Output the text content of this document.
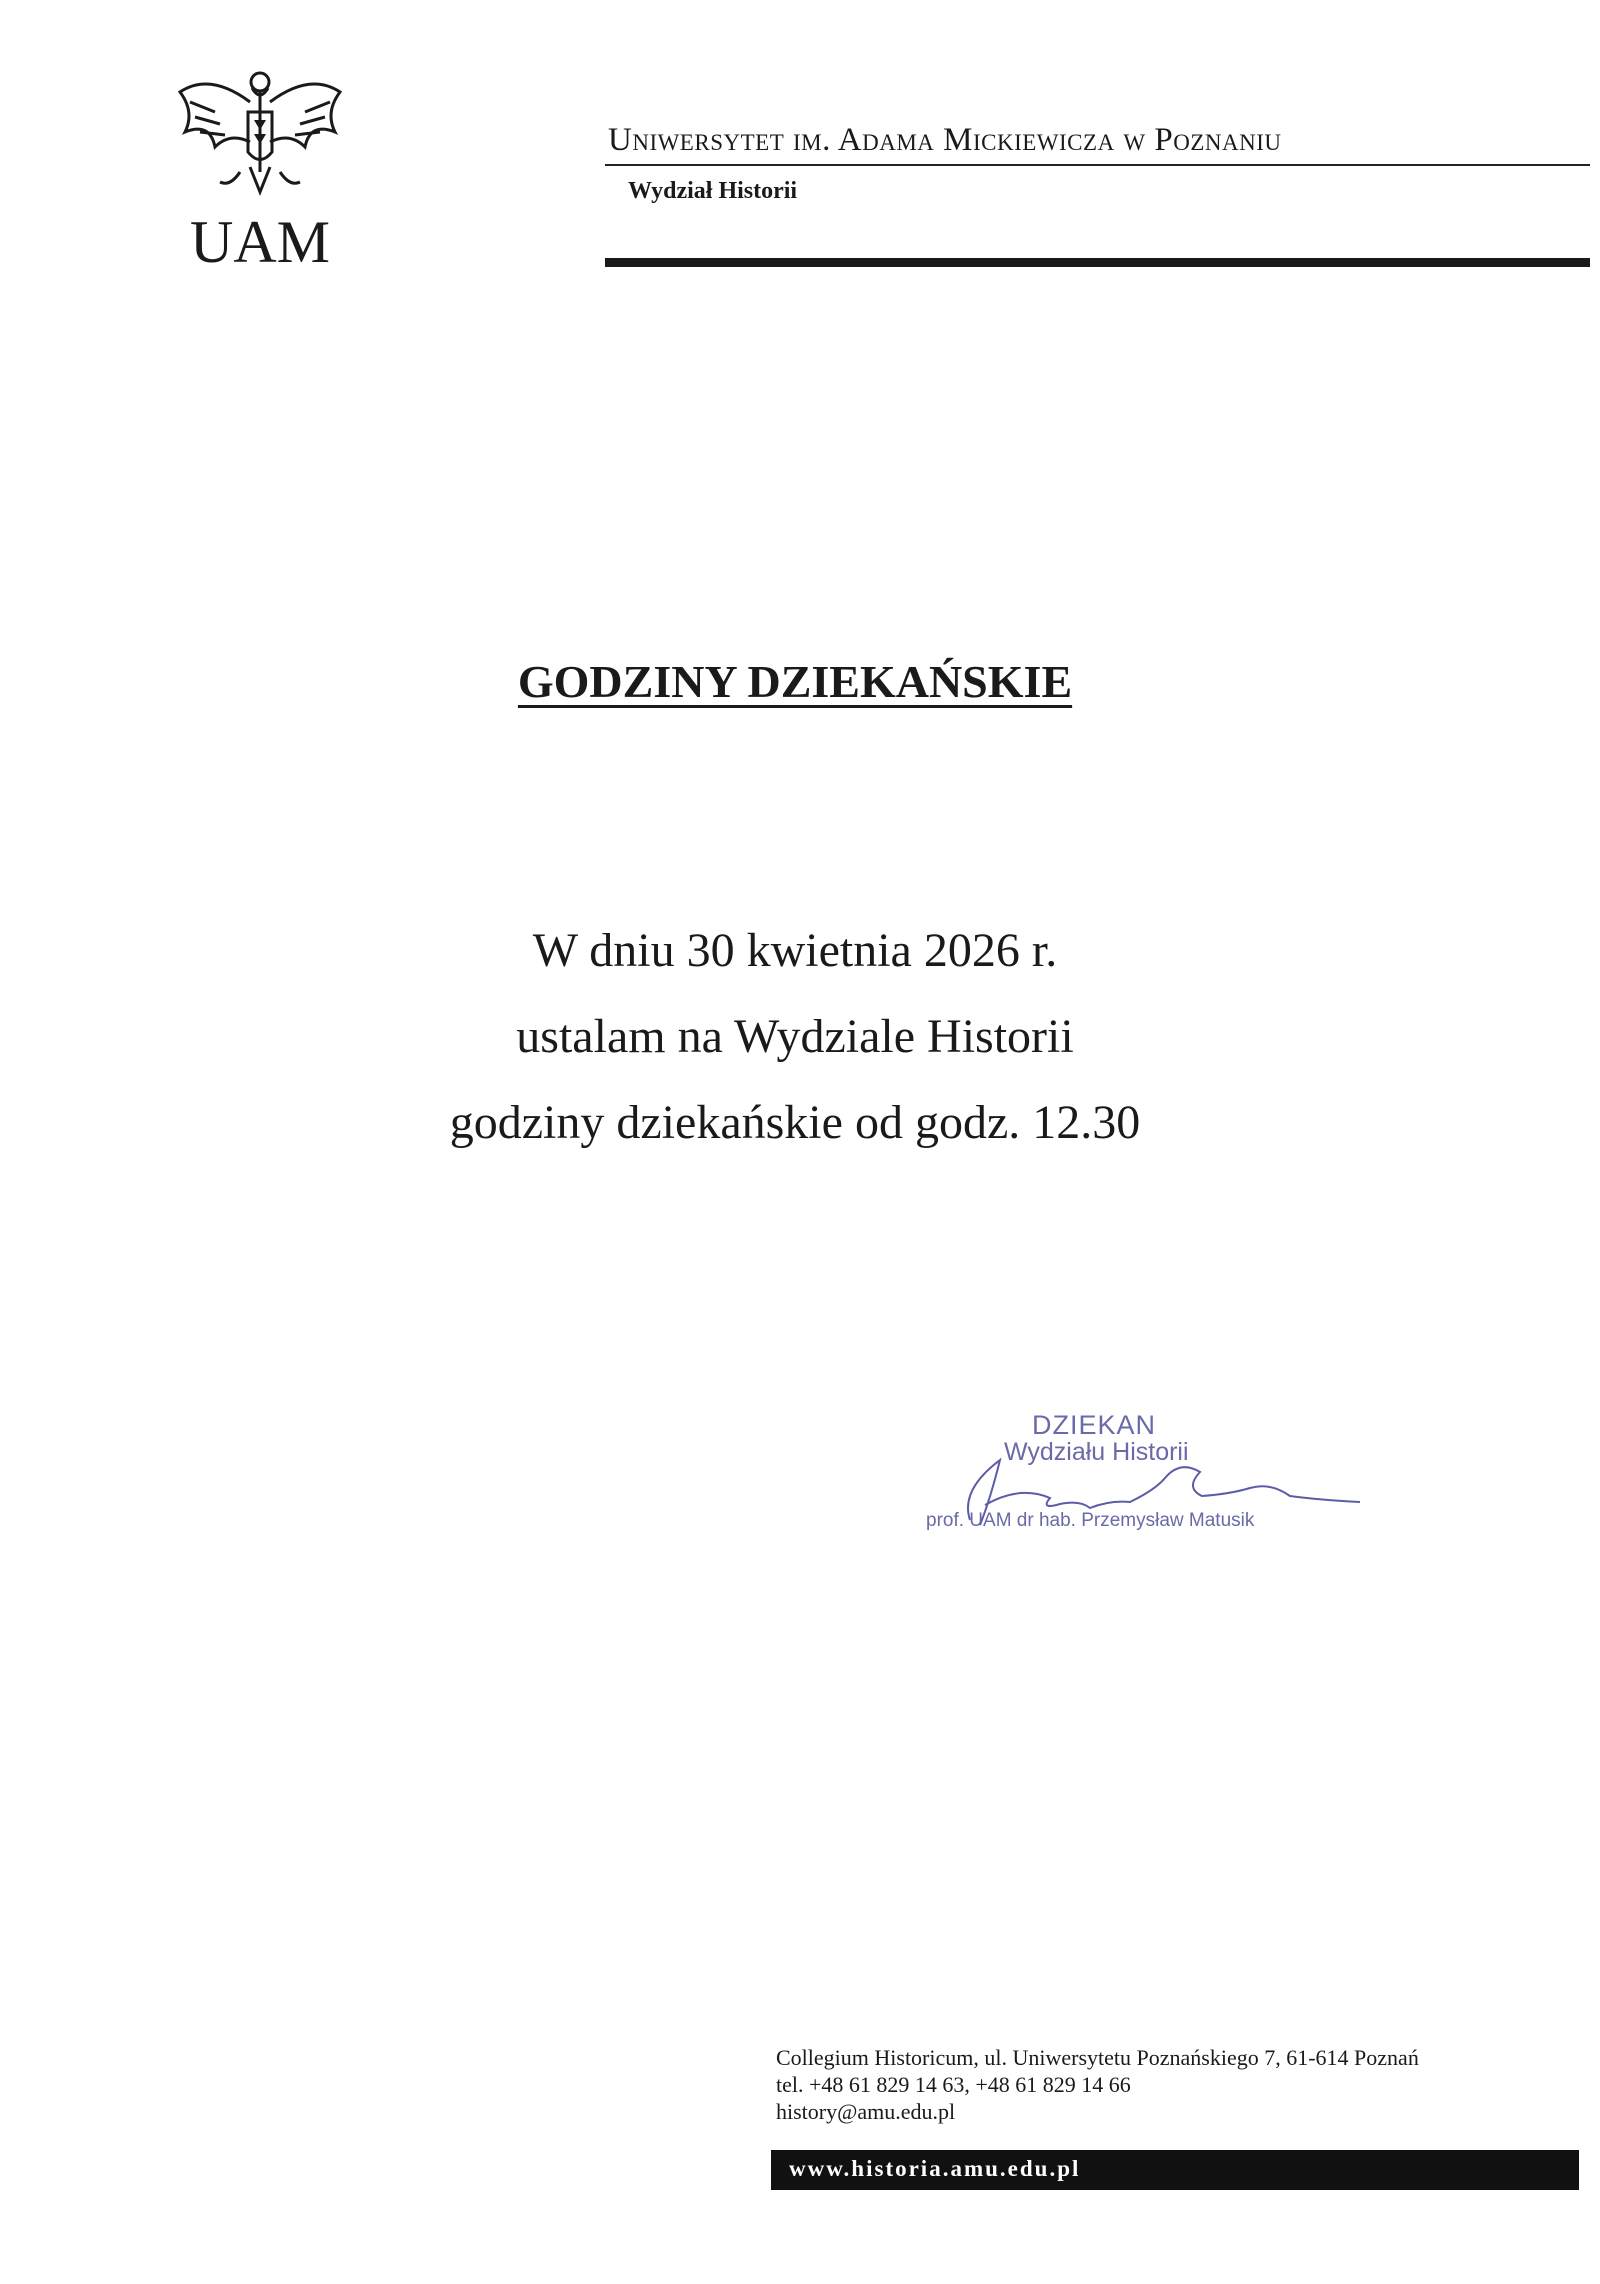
UAM
Uniwersytet im. Adama Mickiewicza w Poznaniu
Wydział Historii
GODZINY DZIEKAŃSKIE
W dniu 30 kwietnia 2026 r.
ustalam na Wydziale Historii
godziny dziekańskie od godz. 12.30
DZIEKAN
Wydziału Historii
prof. UAM dr hab. Przemysław Matusik
Collegium Historicum, ul. Uniwersytetu Poznańskiego 7, 61-614 Poznań
tel. +48 61 829 14 63, +48 61 829 14 66
history@amu.edu.pl
www.historia.amu.edu.pl
